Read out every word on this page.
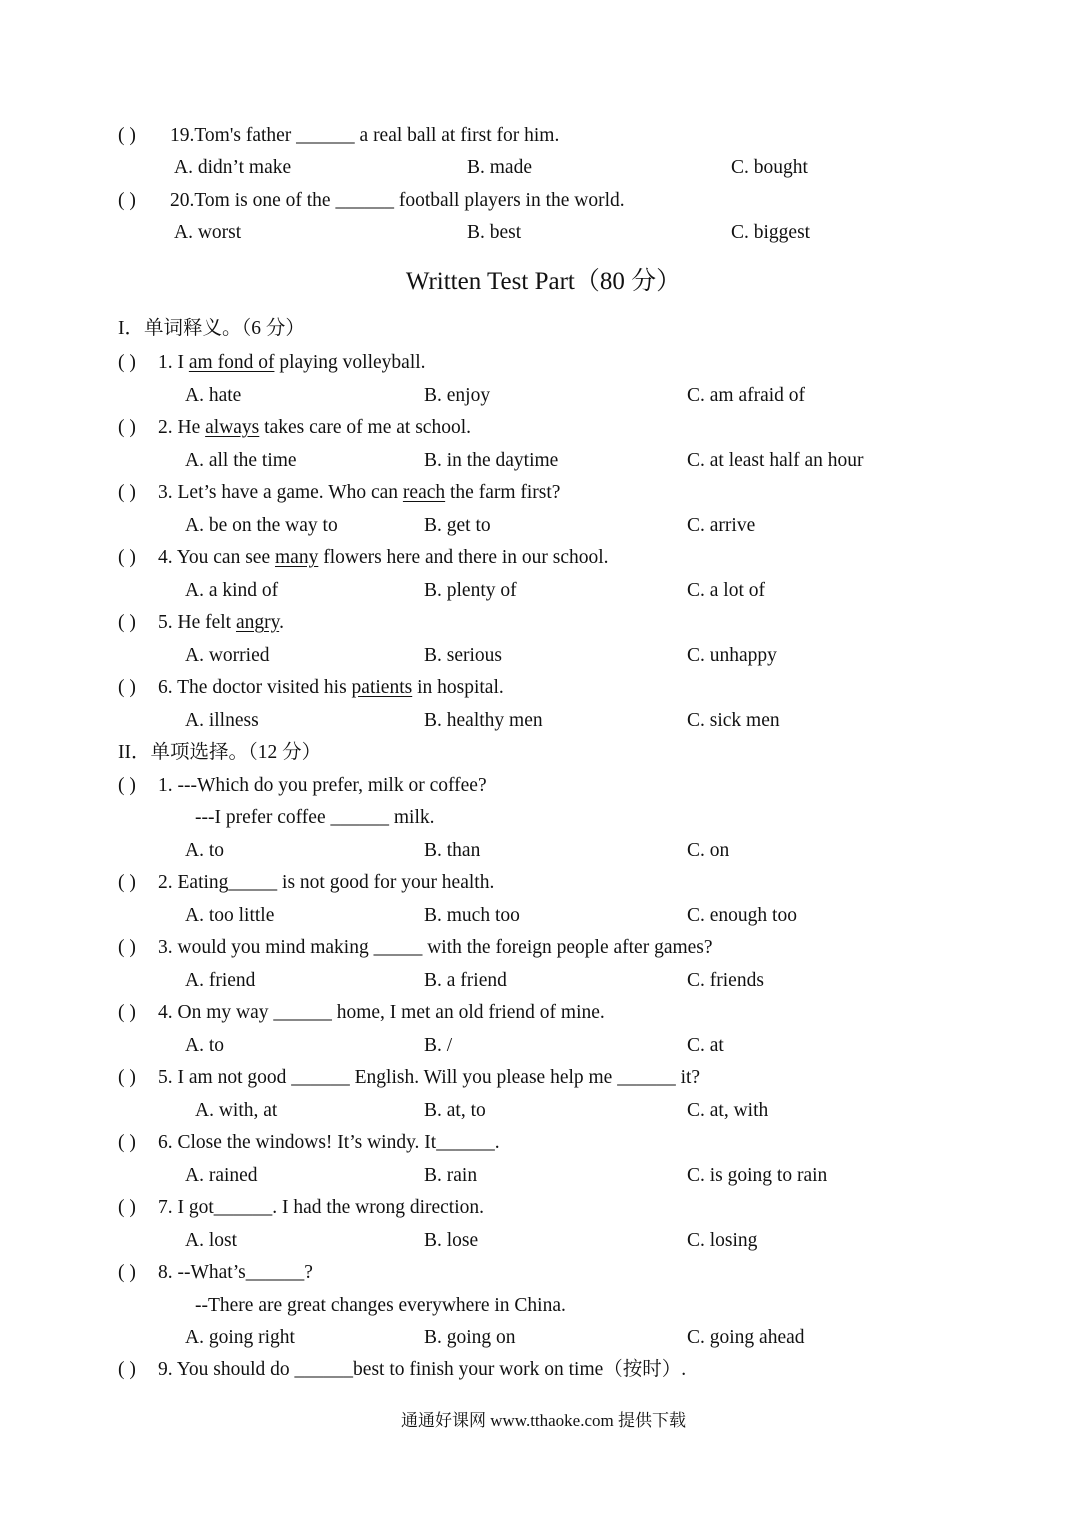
( ) 19.Tom's father ______ a real ball at first for him.
A. didn’t make	B. made	C. bought
( ) 20.Tom is one of the ______ football players in the world.
A. worst	B. best	C. biggest
Written Test Part（80 分）
I．单词释义。（6 分）
( ) 1. I am fond of playing volleyball.
A. hate	B. enjoy	C. am afraid of
( ) 2. He always takes care of me at school.
A. all the time	B. in the daytime	C. at least half an hour
( ) 3. Let’s have a game. Who can reach the farm first?
A. be on the way to	B. get to	C. arrive
( ) 4. You can see many flowers here and there in our school.
A. a kind of	B. plenty of	C. a lot of
( ) 5. He felt angry.
A. worried	B. serious	C. unhappy
( ) 6. The doctor visited his patients in hospital.
A. illness	B. healthy men	C. sick men
II．单项选择。（12 分）
( ) 1. ---Which do you prefer, milk or coffee?
---I prefer coffee ______ milk.
A. to	B. than	C. on
( ) 2. Eating_____ is not good for your health.
A. too little	B. much too	C. enough too
( ) 3. would you mind making _____ with the foreign people after games?
A. friend	B. a friend	C. friends
( ) 4. On my way ______ home, I met an old friend of mine.
A. to	B. /	C. at
( ) 5. I am not good ______ English. Will you please help me ______ it?
A. with, at	B. at, to	C. at, with
( ) 6. Close the windows! It’s windy. It______.
A. rained	B. rain	C. is going to rain
( ) 7. I got______. I had the wrong direction.
A. lost	B. lose	C. losing
( ) 8. --What’s______?
--There are great changes everywhere in China.
A. going right	B. going on	C. going ahead
( ) 9. You should do ______best to finish your work on time（按时）.
通通好课网 www.tthaoke.com 提供下载
